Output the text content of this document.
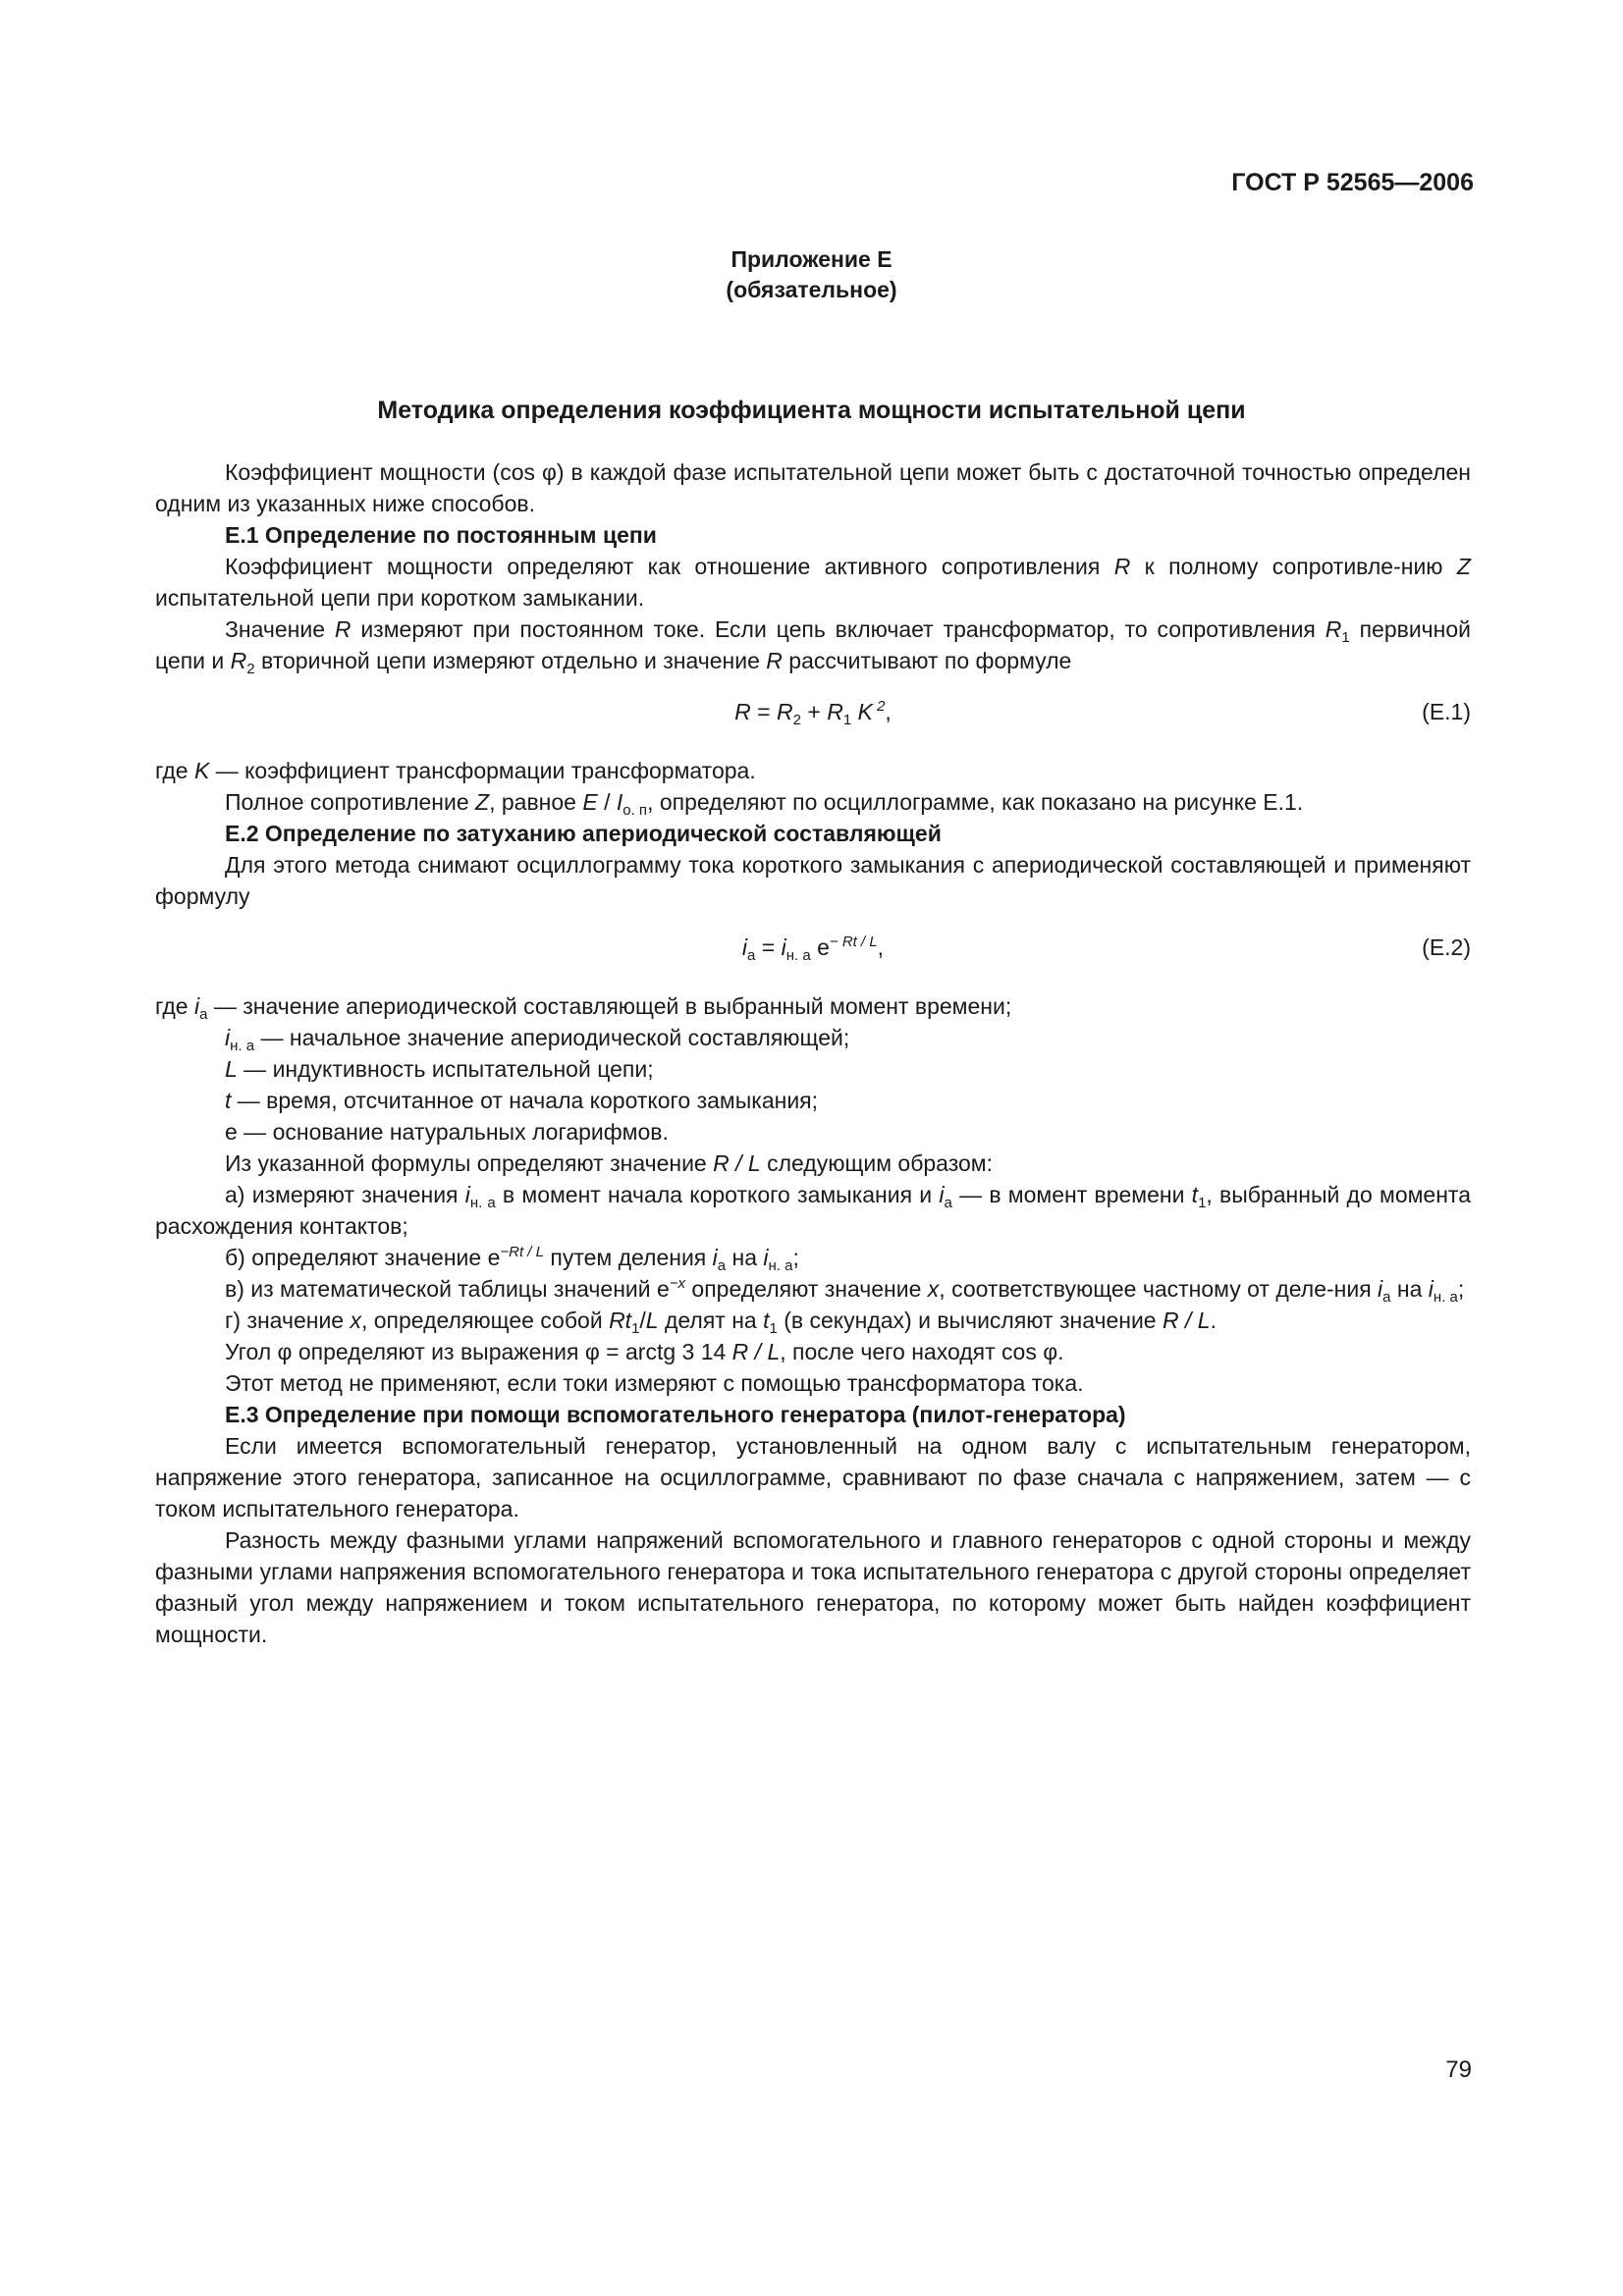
ГОСТ Р 52565—2006
Приложение Е
(обязательное)
Методика определения коэффициента мощности испытательной цепи

Коэффициент мощности (cos φ) в каждой фазе испытательной цепи может быть с достаточной точностью определен одним из указанных ниже способов.

Е.1 Определение по постоянным цепи

Коэффициент мощности определяют как отношение активного сопротивления R к полному сопротивле-нию Z испытательной цепи при коротком замыкании.

Значение R измеряют при постоянном токе. Если цепь включает трансформатор, то сопротивления $R_1$ первичной цепи и $R_2$ вторичной цепи измеряют отдельно и значение R рассчитывают по формуле

$R = R_2 + R_1$ K $^2$,	(Е.1)

где K — коэффициент трансформации трансформатора.

Полное сопротивление Z, равное E / $I_{о. п}$, определяют по осциллограмме, как показано на рисунке Е.1.

Е.2 Определение по затуханию апериодической составляющей

Для этого метода снимают осциллограмму тока короткого замыкания с апериодической составляющей и применяют формулу

$i_а = i_{н. а}$ $e^{- Rt / L}$,	(Е.2)

где $i_а$ — значение апериодической составляющей в выбранный момент времени;

$i_{н. а}$ — начальное значение апериодической составляющей;

L — индуктивность испытательной цепи;

t — время, отсчитанное от начала короткого замыкания;

е — основание натуральных логарифмов.

Из указанной формулы определяют значение R / L следующим образом:

а) измеряют значения $i_{н. а}$ в момент начала короткого замыкания и $i_а$ — в момент времени $t_1$, выбранный до момента расхождения контактов;

б) определяют значение $e^{-Rt / L}$ путем деления $i_а$ на $i_{н. а}$;

в) из математической таблицы значений $e^{-x}$ определяют значение x, соответствующее частному от деле-ния $i_а$ на $i_{н. а}$;

г) значение x, определяющее собой $Rt_1/L$ делят на $t_1$ (в секундах) и вычисляют значение R / L.

Угол φ определяют из выражения φ = arctg 3 14 R / L, после чего находят cos φ.

Этот метод не применяют, если токи измеряют с помощью трансформатора тока.

Е.3 Определение при помощи вспомогательного генератора (пилот-генератора)

Если имеется вспомогательный генератор, установленный на одном валу с испытательным генератором, напряжение этого генератора, записанное на осциллограмме, сравнивают по фазе сначала с напряжением, затем — с током испытательного генератора.

Разность между фазными углами напряжений вспомогательного и главного генераторов с одной стороны и между фазными углами напряжения вспомогательного генератора и тока испытательного генератора с другой стороны определяет фазный угол между напряжением и током испытательного генератора, по которому может быть найден коэффициент мощности.

79
